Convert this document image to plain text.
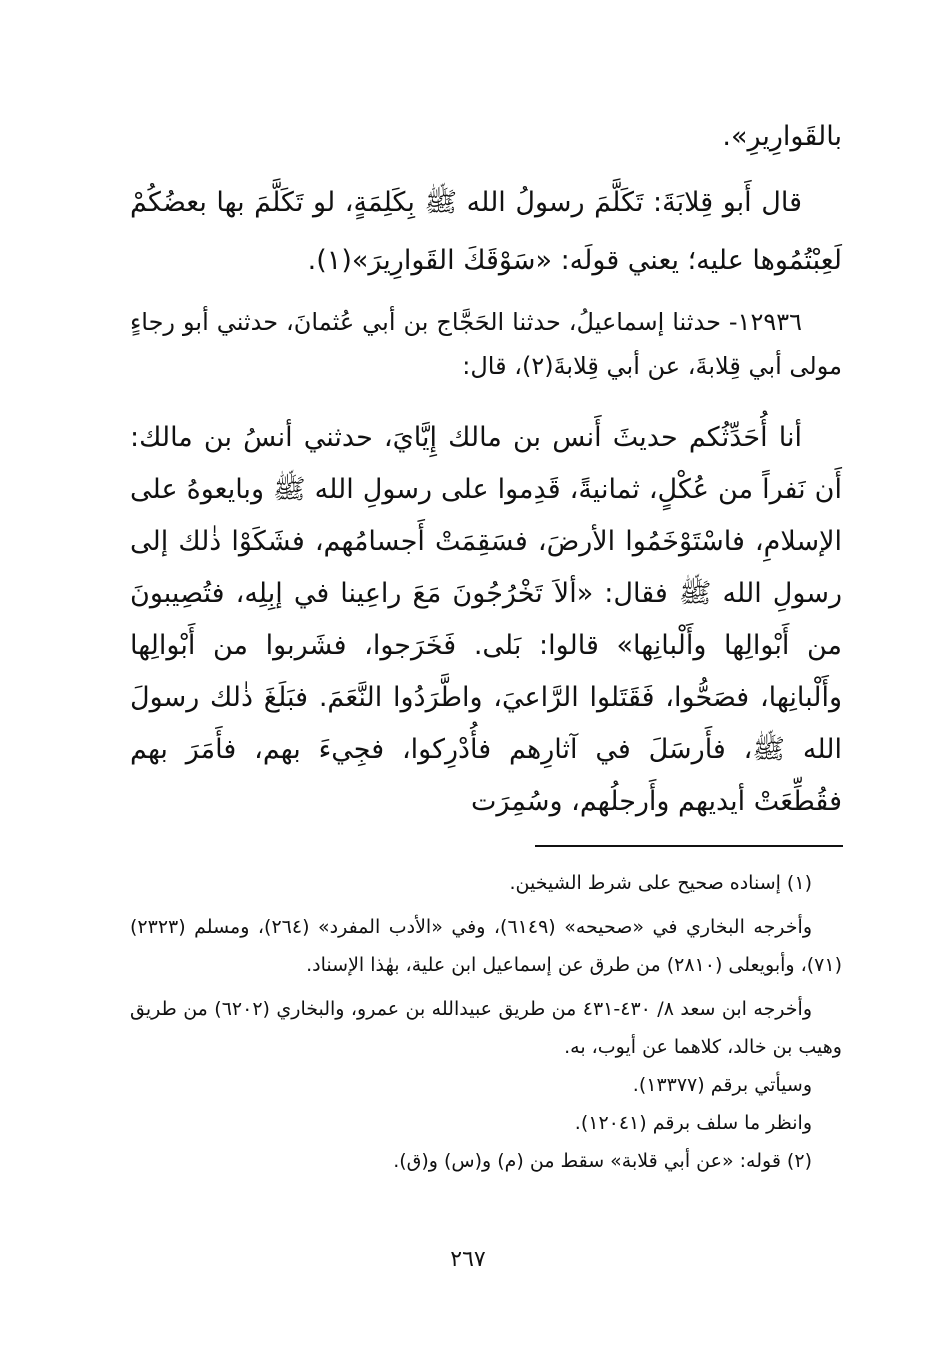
بالقَوارِيرِ».

قال أَبو قِلابَةَ: تَكَلَّمَ رسولُ الله ﷺ بِكَلِمَةٍ، لو تَكَلَّمَ بها بعضُكُمْ لَعِبْتُمُوها عليه؛ يعني قولَه: «سَوْقَكَ القَوارِيرَ»(١).

١٢٩٣٦- حدثنا إسماعيلُ، حدثنا الحَجَّاج بن أبي عُثمانَ، حدثني أبو رجاءٍ مولى أبي قِلابةَ، عن أبي قِلابةَ(٢)، قال:

أنا أُحَدِّثُكم حديثَ أَنس بن مالك إِيَّايَ، حدثني أنسُ بن مالك: أَن نَفراً من عُكْلٍ، ثمانيةً، قَدِموا على رسولِ الله ﷺ وبايعوهُ على الإسلامِ، فاسْتَوْخَمُوا الأرضَ، فسَقِمَتْ أَجسامُهم، فشَكَوْا ذٰلك إلى رسولِ الله ﷺ فقال: «ألاَ تَخْرُجُونَ مَعَ راعِينا في إبِلِه، فتُصِيبونَ من أَبْوالِها وأَلْبانِها» قالوا: بَلى. فَخَرَجوا، فشَربوا من أَبْوالِها وأَلْبانِها، فصَحُّوا، فَقَتَلوا الرَّاعيَ، واطَّرَدُوا النَّعَمَ. فبَلَغَ ذٰلك رسولَ الله ﷺ، فأَرسَلَ في آثارِهم فأُدْرِكوا، فجِيءَ بهم، فأَمَرَ بهم فقُطِّعَتْ أيديهم وأَرجلُهم، وسُمِرَت

(١) إسناده صحيح على شرط الشيخين.

وأخرجه البخاري في «صحيحه» (٦١٤٩)، وفي «الأدب المفرد» (٢٦٤)، ومسلم (٢٣٢٣) (٧١)، وأبويعلى (٢٨١٠) من طرق عن إسماعيل ابن علية، بهٰذا الإسناد.

وأخرجه ابن سعد ٨/ ٤٣٠-٤٣١ من طريق عبيدالله بن عمرو، والبخاري (٦٢٠٢) من طريق وهيب بن خالد، كلاهما عن أيوب، به.

وسيأتي برقم (١٣٣٧٧).

وانظر ما سلف برقم (١٢٠٤١).

(٢) قوله: «عن أبي قلابة» سقط من (م) و(س) و(ق).

٢٦٧
